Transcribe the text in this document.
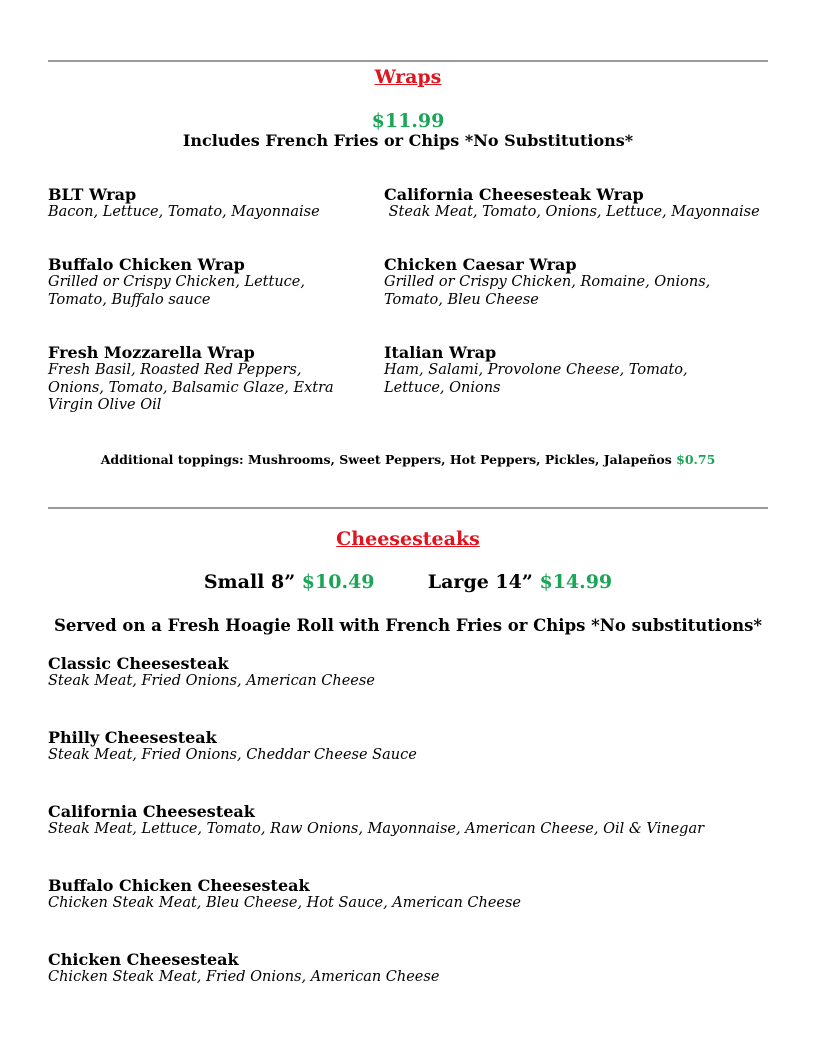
Wraps
$11.99
Includes French Fries or Chips *No Substitutions*
BLT Wrap
Bacon, Lettuce, Tomato, Mayonnaise
California Cheesesteak Wrap
Steak Meat, Tomato, Onions, Lettuce, Mayonnaise
Buffalo Chicken Wrap
Grilled or Crispy Chicken, Lettuce, Tomato, Buffalo sauce
Chicken Caesar Wrap
Grilled or Crispy Chicken, Romaine, Onions, Tomato, Bleu Cheese
Fresh Mozzarella Wrap
Fresh Basil, Roasted Red Peppers, Onions, Tomato, Balsamic Glaze, Extra Virgin Olive Oil
Italian Wrap
Ham, Salami, Provolone Cheese, Tomato, Lettuce, Onions
Additional toppings: Mushrooms, Sweet Peppers, Hot Peppers, Pickles, Jalapeños $0.75
Cheesesteaks
Small 8” $10.49	Large 14” $14.99
Served on a Fresh Hoagie Roll with French Fries or Chips *No substitutions*
Classic Cheesesteak
Steak Meat, Fried Onions, American Cheese
Philly Cheesesteak
Steak Meat, Fried Onions, Cheddar Cheese Sauce
California Cheesesteak
Steak Meat, Lettuce, Tomato, Raw Onions, Mayonnaise, American Cheese, Oil & Vinegar
Buffalo Chicken Cheesesteak
Chicken Steak Meat, Bleu Cheese, Hot Sauce, American Cheese
Chicken Cheesesteak
Chicken Steak Meat, Fried Onions, American Cheese
